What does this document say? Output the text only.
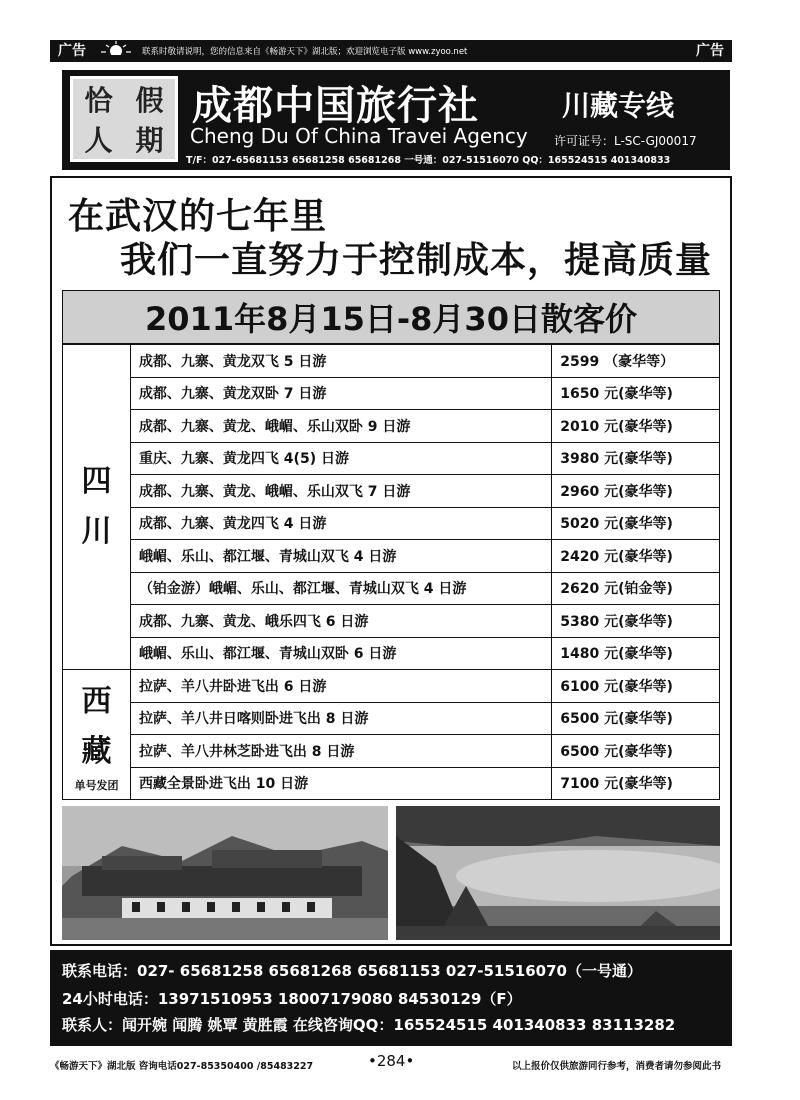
广告	联系时敬请说明，您的信息来自《畅游天下》湖北版；欢迎浏览电子版 www.zyoo.net	广告
恰 假
人 期
成都中国旅行社	川藏专线
Cheng Du Of China Travei Agency 许可证号：L-SC-GJ00017
T/F：027-65681153 65681258 65681268 一号通：027-51516070 QQ：165524515 401340833
在武汉的七年里
我们一直努力于控制成本，提高质量
2011年8月15日-8月30日散客价
四
川	成都、九寨、黄龙双飞 5 日游	2599 （豪华等）
	成都、九寨、黄龙双卧 7 日游	1650 元(豪华等)
	成都、九寨、黄龙、峨嵋、乐山双卧 9 日游	2010 元(豪华等)
	重庆、九寨、黄龙四飞 4(5) 日游	3980 元(豪华等)
	成都、九寨、黄龙、峨嵋、乐山双飞 7 日游	2960 元(豪华等)
	成都、九寨、黄龙四飞 4 日游	5020 元(豪华等)
	峨嵋、乐山、都江堰、青城山双飞 4 日游	2420 元(豪华等)
	（铂金游）峨嵋、乐山、都江堰、青城山双飞 4 日游	2620 元(铂金等)
	成都、九寨、黄龙、峨乐四飞 6 日游	5380 元(豪华等)
	峨嵋、乐山、都江堰、青城山双卧 6 日游	1480 元(豪华等)

西
藏
单号发团	拉萨、羊八井卧进飞出 6 日游	6100 元(豪华等)
	拉萨、羊八井日喀则卧进飞出 8 日游	6500 元(豪华等)
	拉萨、羊八井林芝卧进飞出 8 日游	6500 元(豪华等)
	西藏全景卧进飞出 10 日游	7100 元(豪华等)
联系电话：027- 65681258 65681268 65681153 027-51516070（一号通）
24小时电话：13971510953 18007179080 84530129（F）
联系人：闻开婉 闻腾 姚覃 黄胜霞 在线咨询QQ：165524515 401340833 83113282
《畅游天下》湖北版 咨询电话027-85350400 /85483227	•284•	以上报价仅供旅游同行参考，消费者请勿参阅此书
